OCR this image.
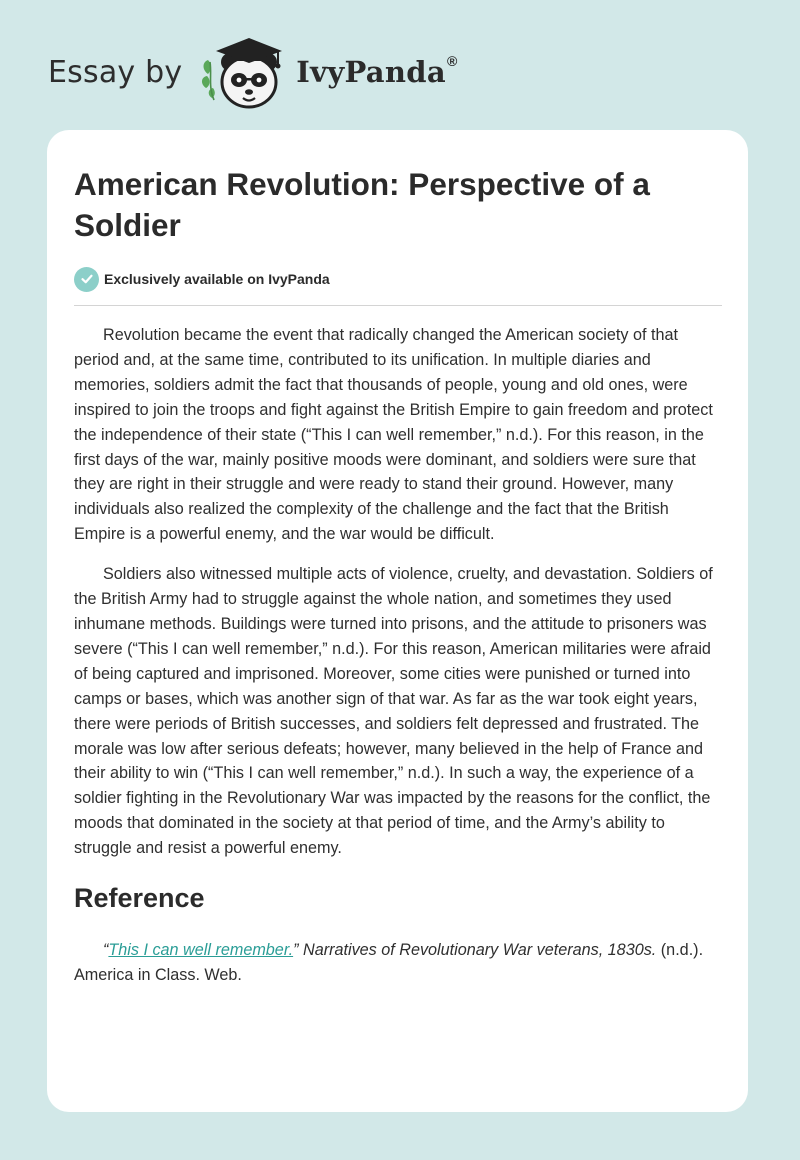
Essay by	IvyPanda®
American Revolution: Perspective of a Soldier
Exclusively available on IvyPanda

Revolution became the event that radically changed the American society of that period and, at the same time, contributed to its unification. In multiple diaries and memories, soldiers admit the fact that thousands of people, young and old ones, were inspired to join the troops and fight against the British Empire to gain freedom and protect the independence of their state (“This I can well remember,” n.d.). For this reason, in the first days of the war, mainly positive moods were dominant, and soldiers were sure that they are right in their struggle and were ready to stand their ground. However, many individuals also realized the complexity of the challenge and the fact that the British Empire is a powerful enemy, and the war would be difficult.

Soldiers also witnessed multiple acts of violence, cruelty, and devastation. Soldiers of the British Army had to struggle against the whole nation, and sometimes they used inhumane methods. Buildings were turned into prisons, and the attitude to prisoners was severe (“This I can well remember,” n.d.). For this reason, American militaries were afraid of being captured and imprisoned. Moreover, some cities were punished or turned into camps or bases, which was another sign of that war. As far as the war took eight years, there were periods of British successes, and soldiers felt depressed and frustrated. The morale was low after serious defeats; however, many believed in the help of France and their ability to win (“This I can well remember,” n.d.). In such a way, the experience of a soldier fighting in the Revolutionary War was impacted by the reasons for the conflict, the moods that dominated in the society at that period of time, and the Army’s ability to struggle and resist a powerful enemy.

Reference
“This I can well remember.” Narratives of Revolutionary War veterans, 1830s. (n.d.). America in Class. Web.
